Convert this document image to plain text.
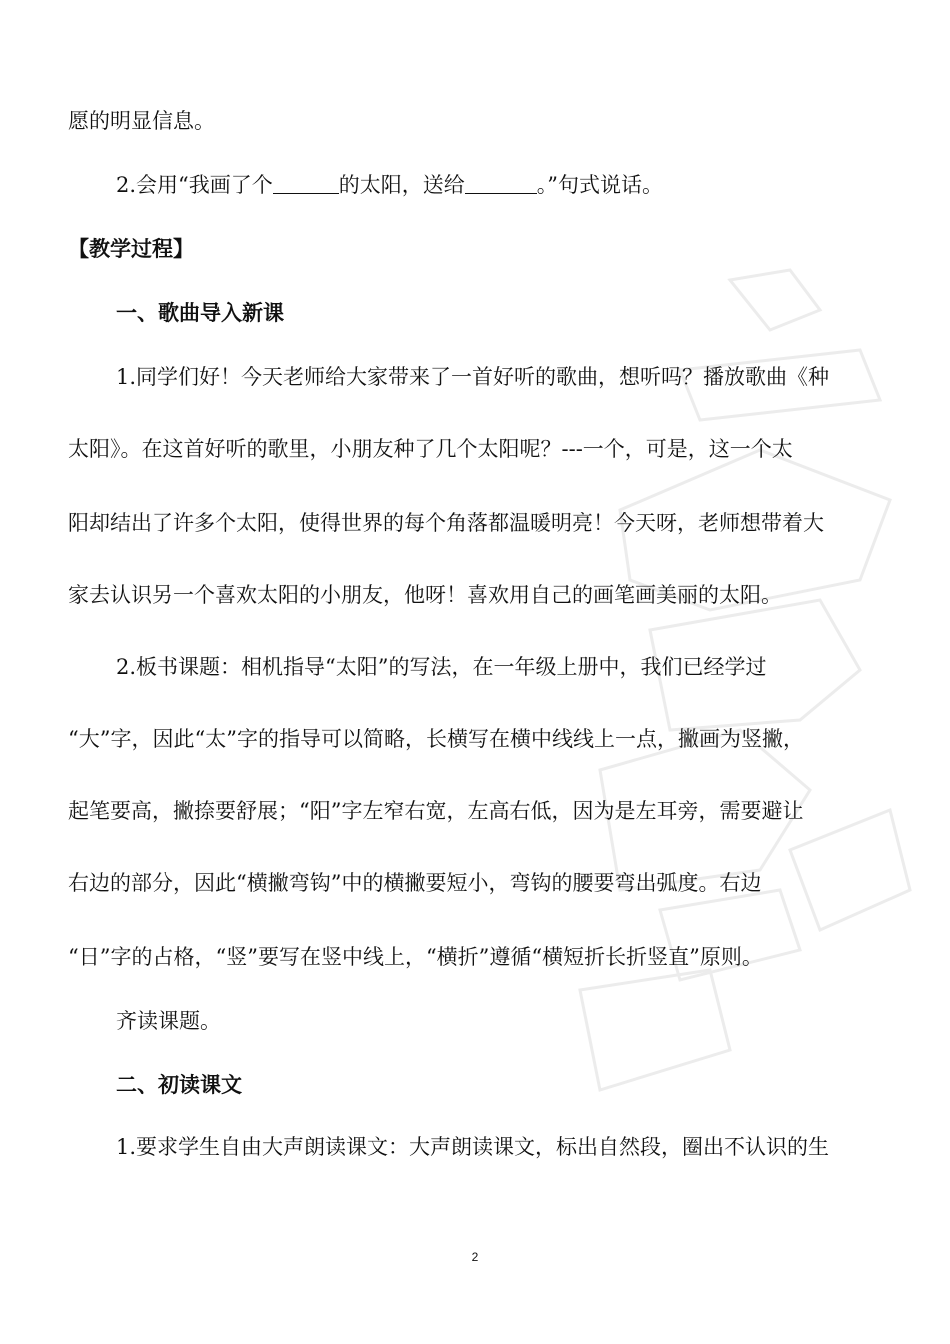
愿的明显信息。
2.会用“我画了个	的太阳，送给	。”句式说话。
【教学过程】
一、歌曲导入新课
1.同学们好！今天老师给大家带来了一首好听的歌曲，想听吗？播放歌曲《种
太阳》。在这首好听的歌里，小朋友种了几个太阳呢？---一个，可是，这一个太
阳却结出了许多个太阳，使得世界的每个角落都温暖明亮！今天呀，老师想带着大
家去认识另一个喜欢太阳的小朋友，他呀！喜欢用自己的画笔画美丽的太阳。
2.板书课题：相机指导“太阳”的写法，在一年级上册中，我们已经学过
“大”字，因此“太”字的指导可以简略，长横写在横中线线上一点，撇画为竖撇，
起笔要高，撇捺要舒展；“阳”字左窄右宽，左高右低，因为是左耳旁，需要避让
右边的部分，因此“横撇弯钩”中的横撇要短小，弯钩的腰要弯出弧度。右边
“日”字的占格，“竖”要写在竖中线上，“横折”遵循“横短折长折竖直”原则。
齐读课题。
二、初读课文
1.要求学生自由大声朗读课文：大声朗读课文，标出自然段，圈出不认识的生
2
